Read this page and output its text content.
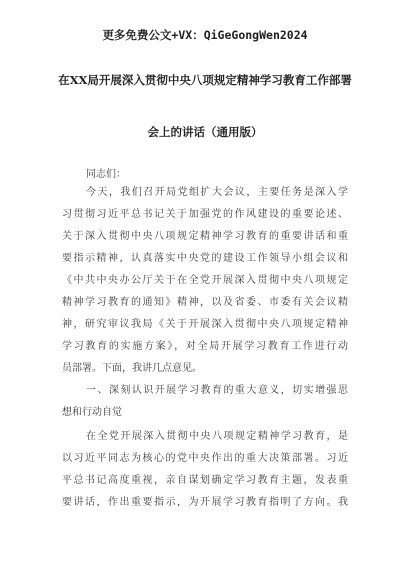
更多免费公文+VX：QiGeGongWen2024
在XX局开展深入贯彻中央八项规定精神学习教育工作部署
会上的讲话（通用版）
同志们：
今天，我们召开局党组扩大会议，主要任务是深入学
习贯彻习近平总书记关于加强党的作风建设的重要论述、
关于深入贯彻中央八项规定精神学习教育的重要讲话和重
要指示精神，认真落实中央党的建设工作领导小组会议和
《中共中央办公厅关于在全党开展深入贯彻中央八项规定
精神学习教育的通知》精神，以及省委、市委有关会议精
神，研究审议我局《关于开展深入贯彻中央八项规定精神
学习教育的实施方案》，对全局开展学习教育工作进行动
员部署。下面，我讲几点意见。
一、深刻认识开展学习教育的重大意义，切实增强思
想和行动自觉
在全党开展深入贯彻中央八项规定精神学习教育，是
以习近平同志为核心的党中央作出的重大决策部署。习近
平总书记高度重视，亲自谋划确定学习教育主题，发表重
要讲话，作出重要指示，为开展学习教育指明了方向。我
